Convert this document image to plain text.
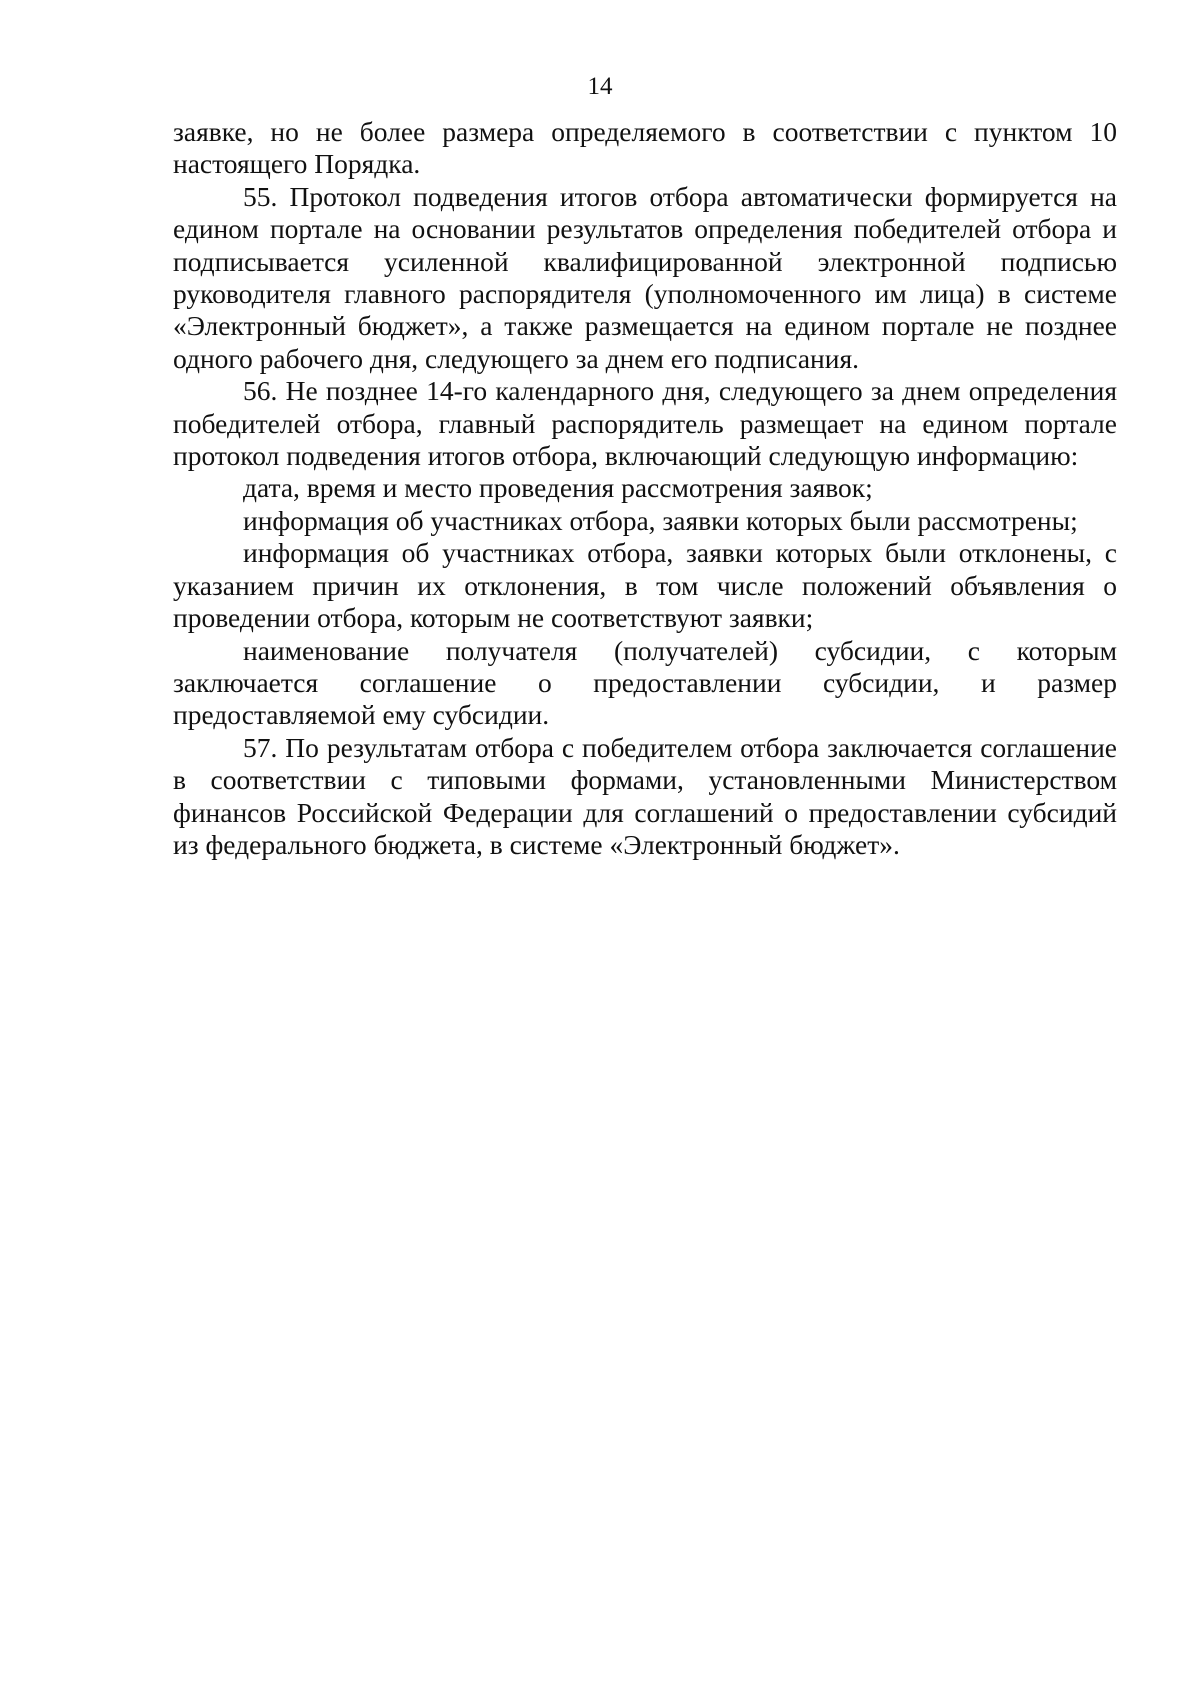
14

заявке, но не более размера определяемого в соответствии с пунктом 10 настоящего Порядка.

55. Протокол подведения итогов отбора автоматически формируется на едином портале на основании результатов определения победителей отбора и подписывается усиленной квалифицированной электронной подписью руководителя главного распорядителя (уполномоченного им лица) в системе «Электронный бюджет», а также размещается на едином портале не позднее одного рабочего дня, следующего за днем его подписания.

56. Не позднее 14-го календарного дня, следующего за днем определения победителей отбора, главный распорядитель размещает на едином портале протокол подведения итогов отбора, включающий следующую информацию:

дата, время и место проведения рассмотрения заявок;

информация об участниках отбора, заявки которых были рассмотрены;

информация об участниках отбора, заявки которых были отклонены, с указанием причин их отклонения, в том числе положений объявления о проведении отбора, которым не соответствуют заявки;

наименование получателя (получателей) субсидии, с которым заключается соглашение о предоставлении субсидии, и размер предоставляемой ему субсидии.

57. По результатам отбора с победителем отбора заключается соглашение в соответствии с типовыми формами, установленными Министерством финансов Российской Федерации для соглашений о предоставлении субсидий из федерального бюджета, в системе «Электронный бюджет».
